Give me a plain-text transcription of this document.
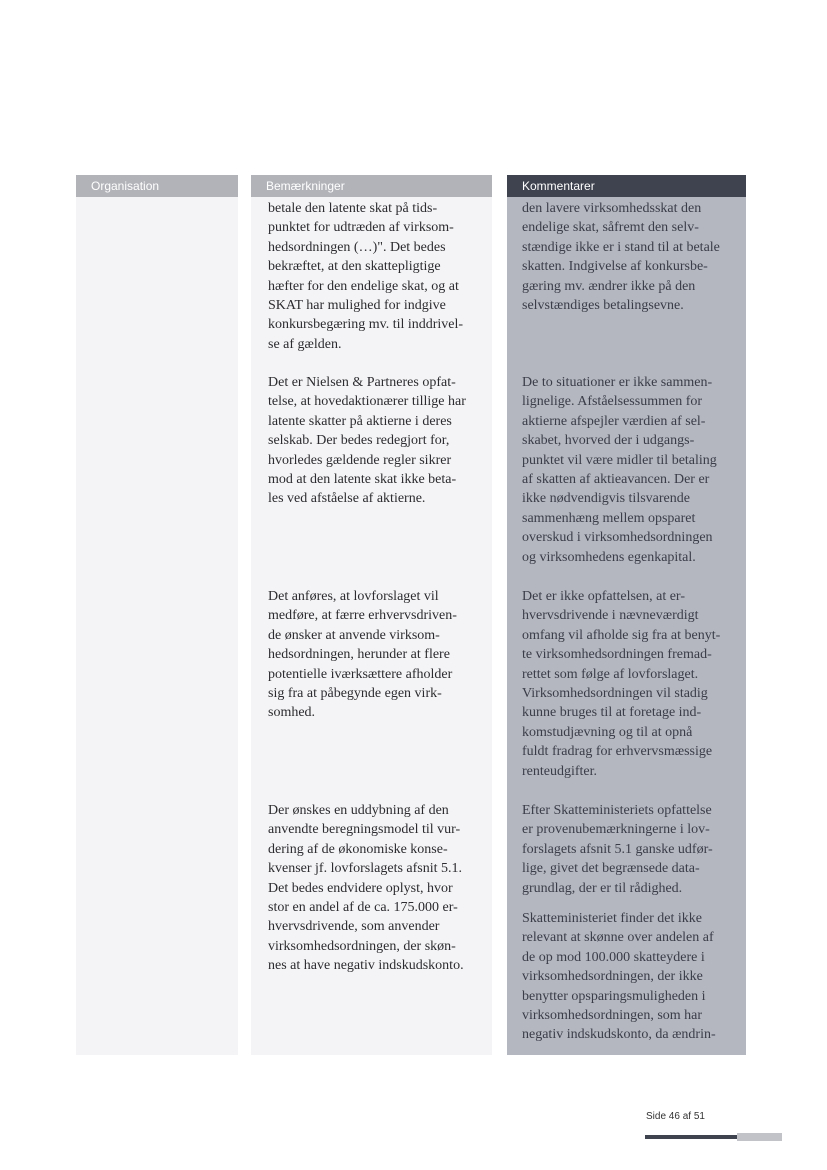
Organisation	Bemærkninger
betale den latente skat på tids-
punktet for udtræden af virksom-
hedsordningen (…)". Det bedes
bekræftet, at den skattepligtige
hæfter for den endelige skat, og at
SKAT har mulighed for indgive
konkursbegæring mv. til inddrivel-
se af gælden.
Det er Nielsen & Partneres opfat-
telse, at hovedaktionærer tillige har
latente skatter på aktierne i deres
selskab. Der bedes redegjort for,
hvorledes gældende regler sikrer
mod at den latente skat ikke beta-
les ved afståelse af aktierne.
Det anføres, at lovforslaget vil
medføre, at færre erhvervsdriven-
de ønsker at anvende virksom-
hedsordningen, herunder at flere
potentielle iværksættere afholder
sig fra at påbegynde egen virk-
somhed.
Der ønskes en uddybning af den
anvendte beregningsmodel til vur-
dering af de økonomiske konse-
kvenser jf. lovforslagets afsnit 5.1.
Det bedes endvidere oplyst, hvor
stor en andel af de ca. 175.000 er-
hvervsdrivende, som anvender
virksomhedsordningen, der skøn-
nes at have negativ indskudskonto.
Kommentarer
den lavere virksomhedsskat den
endelige skat, såfremt den selv-
stændige ikke er i stand til at betale
skatten. Indgivelse af konkursbe-
gæring mv. ændrer ikke på den
selvstændiges betalingsevne.
De to situationer er ikke sammen-
lignelige. Afståelsessummen for
aktierne afspejler værdien af sel-
skabet, hvorved der i udgangs-
punktet vil være midler til betaling
af skatten af aktieavancen. Der er
ikke nødvendigvis tilsvarende
sammenhæng mellem opsparet
overskud i virksomhedsordningen
og virksomhedens egenkapital.
Det er ikke opfattelsen, at er-
hvervsdrivende i nævneværdigt
omfang vil afholde sig fra at benyt-
te virksomhedsordningen fremad-
rettet som følge af lovforslaget.
Virksomhedsordningen vil stadig
kunne bruges til at foretage ind-
komstudjævning og til at opnå
fuldt fradrag for erhvervsmæssige
renteudgifter.
Efter Skatteministeriets opfattelse
er provenubemærkningerne i lov-
forslagets afsnit 5.1 ganske udfør-
lige, givet det begrænsede data-
grundlag, der er til rådighed.
Skatteministeriet finder det ikke
relevant at skønne over andelen af
de op mod 100.000 skatteydere i
virksomhedsordningen, der ikke
benytter opsparingsmuligheden i
virksomhedsordningen, som har
negativ indskudskonto, da ændrin-
Side 46 af 51
